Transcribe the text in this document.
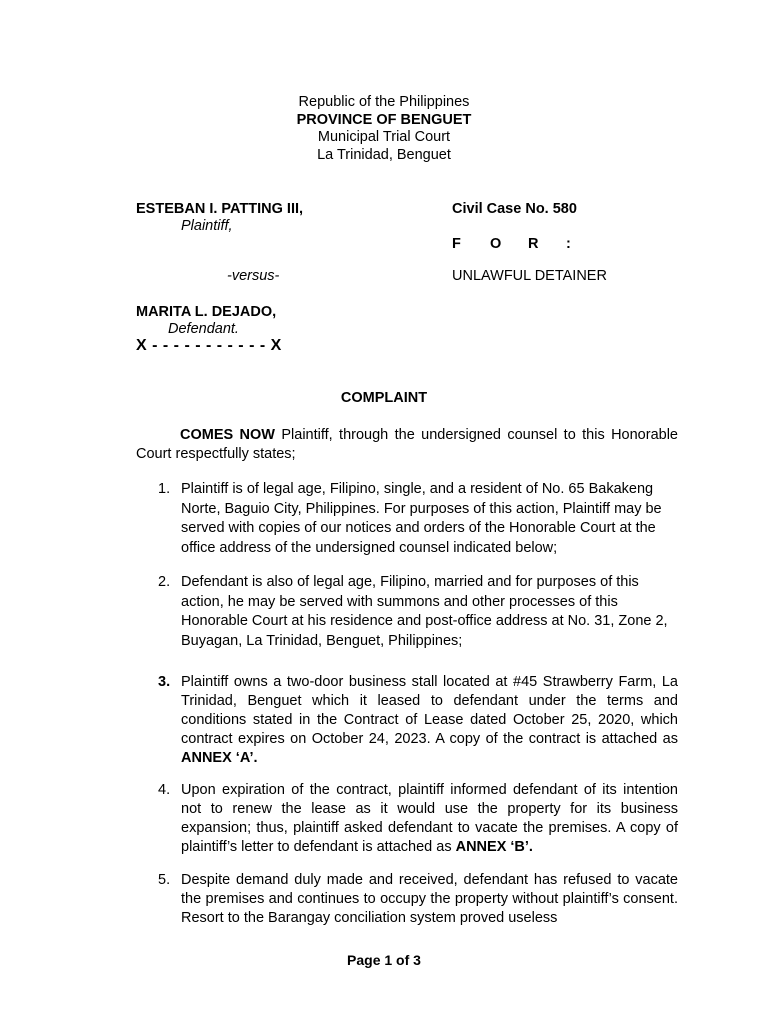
Republic of the Philippines
PROVINCE OF BENGUET
Municipal Trial Court
La Trinidad, Benguet
ESTEBAN I. PATTING III,
Plaintiff,
-versus-
MARITA L. DEJADO,
Defendant.
X - - - - - - - - - - - X
Civil Case No. 580
F O R :
UNLAWFUL DETAINER
COMPLAINT
COMES NOW Plaintiff, through the undersigned counsel to this Honorable Court respectfully states;
1. Plaintiff is of legal age, Filipino, single, and a resident of No. 65 Bakakeng Norte, Baguio City, Philippines. For purposes of this action, Plaintiff may be served with copies of our notices and orders of the Honorable Court at the office address of the undersigned counsel indicated below;
2. Defendant is also of legal age, Filipino, married and for purposes of this action, he may be served with summons and other processes of this Honorable Court at his residence and post-office address at No. 31, Zone 2, Buyagan, La Trinidad, Benguet, Philippines;
3. Plaintiff owns a two-door business stall located at #45 Strawberry Farm, La Trinidad, Benguet which it leased to defendant under the terms and conditions stated in the Contract of Lease dated October 25, 2020, which contract expires on October 24, 2023. A copy of the contract is attached as ANNEX ‘A’.
4. Upon expiration of the contract, plaintiff informed defendant of its intention not to renew the lease as it would use the property for its business expansion; thus, plaintiff asked defendant to vacate the premises. A copy of plaintiff’s letter to defendant is attached as ANNEX ‘B’.
5. Despite demand duly made and received, defendant has refused to vacate the premises and continues to occupy the property without plaintiff’s consent. Resort to the Barangay conciliation system proved useless
Page 1 of 3
